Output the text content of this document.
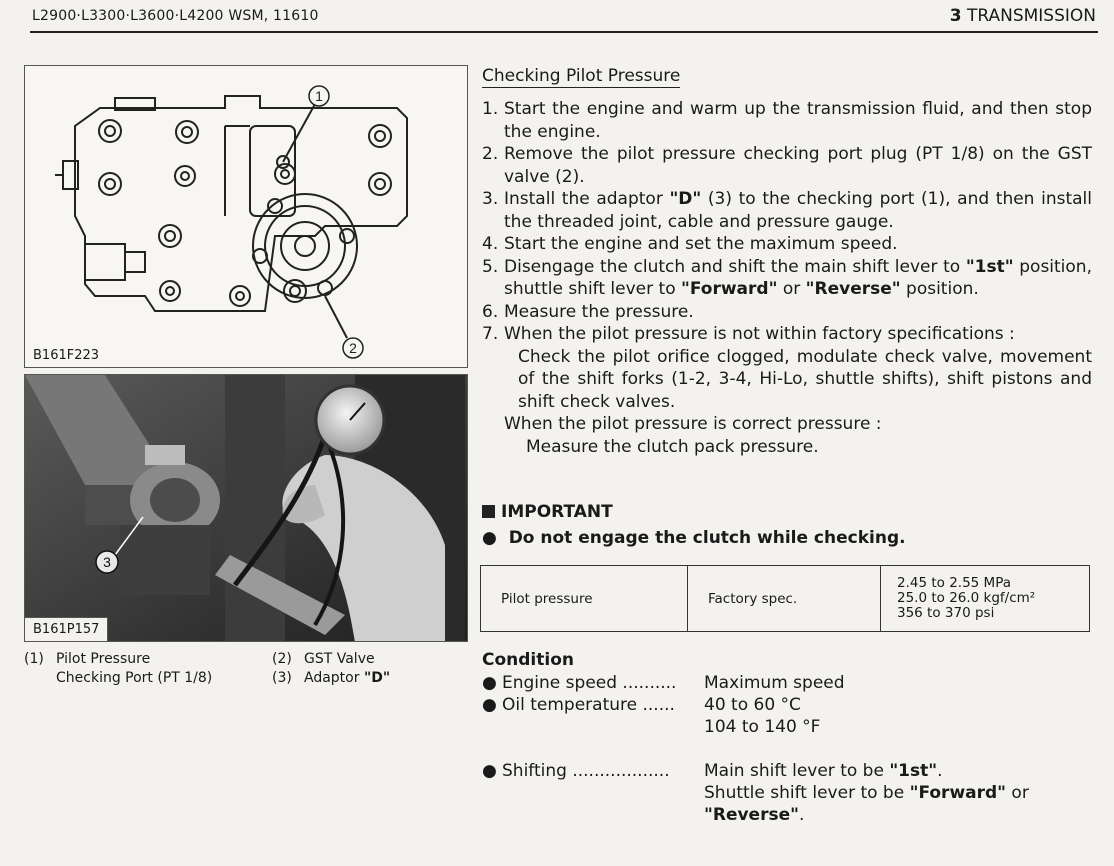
L2900·L3300·L3600·L4200 WSM, 11610	3 TRANSMISSION
1
2
B161F223
3
B161P157
(1) Pilot Pressure
Checking Port (PT 1/8)
(2) GST Valve
(3) Adaptor "D"
Checking Pilot Pressure
1. Start the engine and warm up the transmission fluid, and then stop the engine.
2. Remove the pilot pressure checking port plug (PT 1/8) on the GST valve (2).
3. Install the adaptor "D" (3) to the checking port (1), and then install the threaded joint, cable and pressure gauge.
4. Start the engine and set the maximum speed.
5. Disengage the clutch and shift the main shift lever to "1st" position, shuttle shift lever to "Forward" or "Reverse" position.
6. Measure the pressure.
7. When the pilot pressure is not within factory specifications :
Check the pilot orifice clogged, modulate check valve, movement of the shift forks (1-2, 3-4, Hi-Lo, shuttle shifts), shift pistons and shift check valves.
When the pilot pressure is correct pressure :
Measure the clutch pack pressure.
IMPORTANT
● Do not engage the clutch while checking.
Pilot pressure	Factory spec.	
2.45 to 2.55 MPa
25.0 to 26.0 kgf/cm²
356 to 370 psi
Condition
● Engine speed ..........	Maximum speed
● Oil temperature ......	40 to 60 °C
104 to 140 °F
● Shifting ..................	Main shift lever to be "1st".
Shuttle shift lever to be "Forward" or
"Reverse".
